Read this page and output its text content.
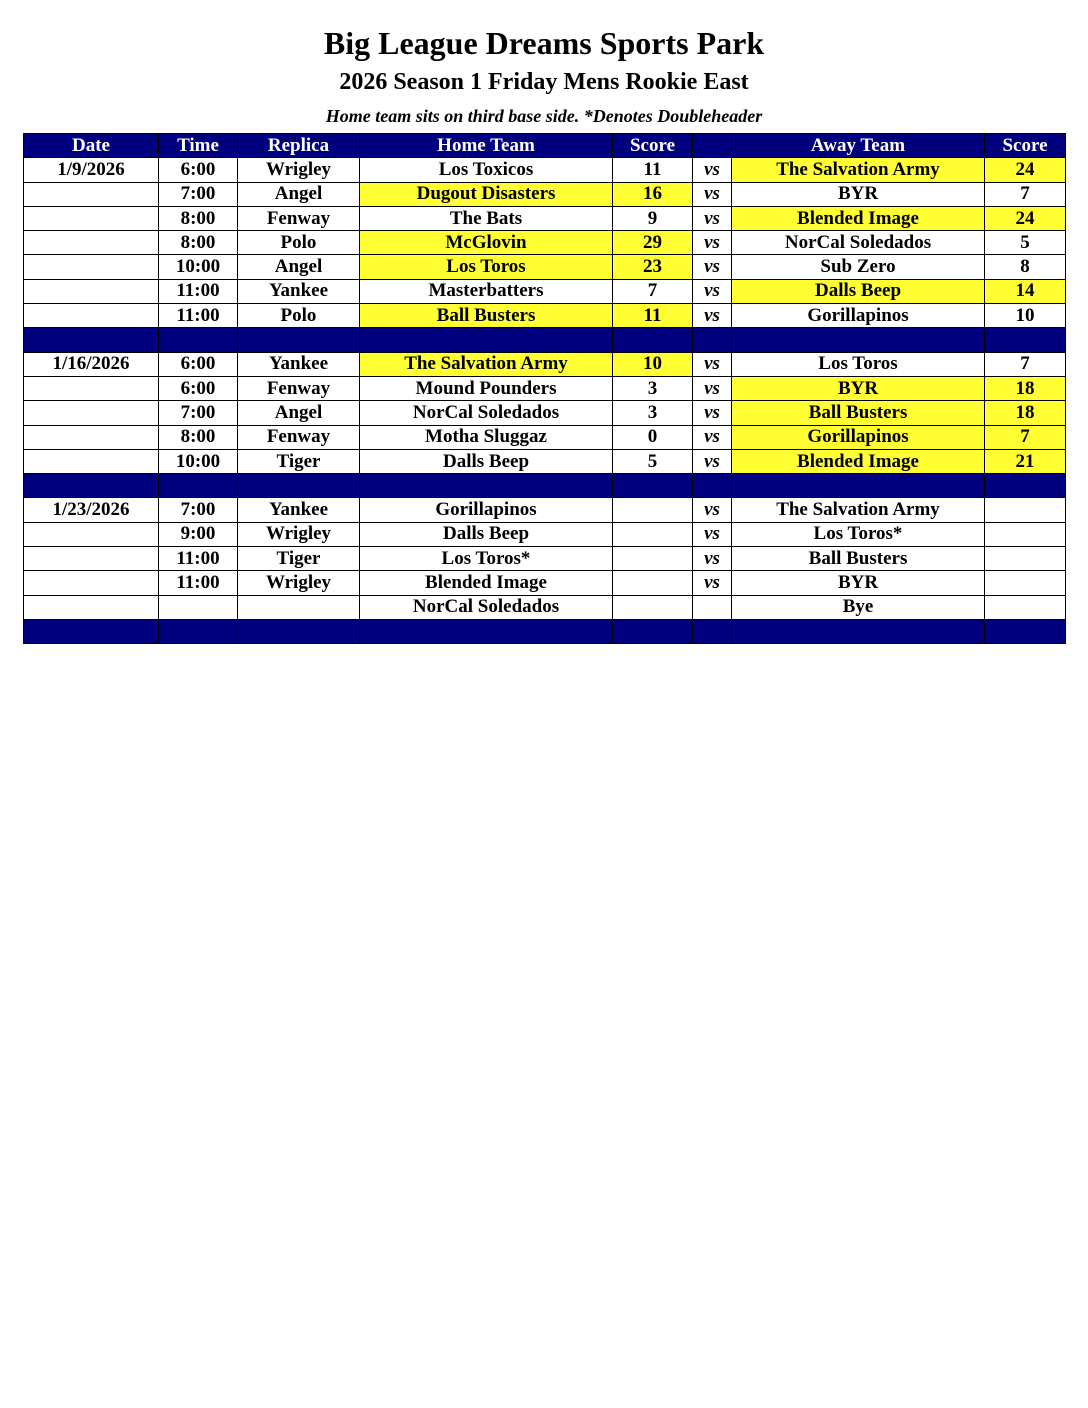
Big League Dreams Sports Park
2026 Season 1 Friday Mens Rookie East
Home team sits on third base side. *Denotes Doubleheader
Date	Time	Replica	Home Team	Score		Away Team	Score
1/9/2026	6:00	Wrigley	Los Toxicos	11	vs	The Salvation Army	24
	7:00	Angel	Dugout Disasters	16	vs	BYR	7
	8:00	Fenway	The Bats	9	vs	Blended Image	24
	8:00	Polo	McGlovin	29	vs	NorCal Soledados	5
	10:00	Angel	Los Toros	23	vs	Sub Zero	8
	11:00	Yankee	Masterbatters	7	vs	Dalls Beep	14
	11:00	Polo	Ball Busters	11	vs	Gorillapinos	10

1/16/2026	6:00	Yankee	The Salvation Army	10	vs	Los Toros	7
	6:00	Fenway	Mound Pounders	3	vs	BYR	18
	7:00	Angel	NorCal Soledados	3	vs	Ball Busters	18
	8:00	Fenway	Motha Sluggaz	0	vs	Gorillapinos	7
	10:00	Tiger	Dalls Beep	5	vs	Blended Image	21

1/23/2026	7:00	Yankee	Gorillapinos		vs	The Salvation Army	
	9:00	Wrigley	Dalls Beep		vs	Los Toros*	
	11:00	Tiger	Los Toros*		vs	Ball Busters	
	11:00	Wrigley	Blended Image		vs	BYR	
			NorCal Soledados			Bye	
